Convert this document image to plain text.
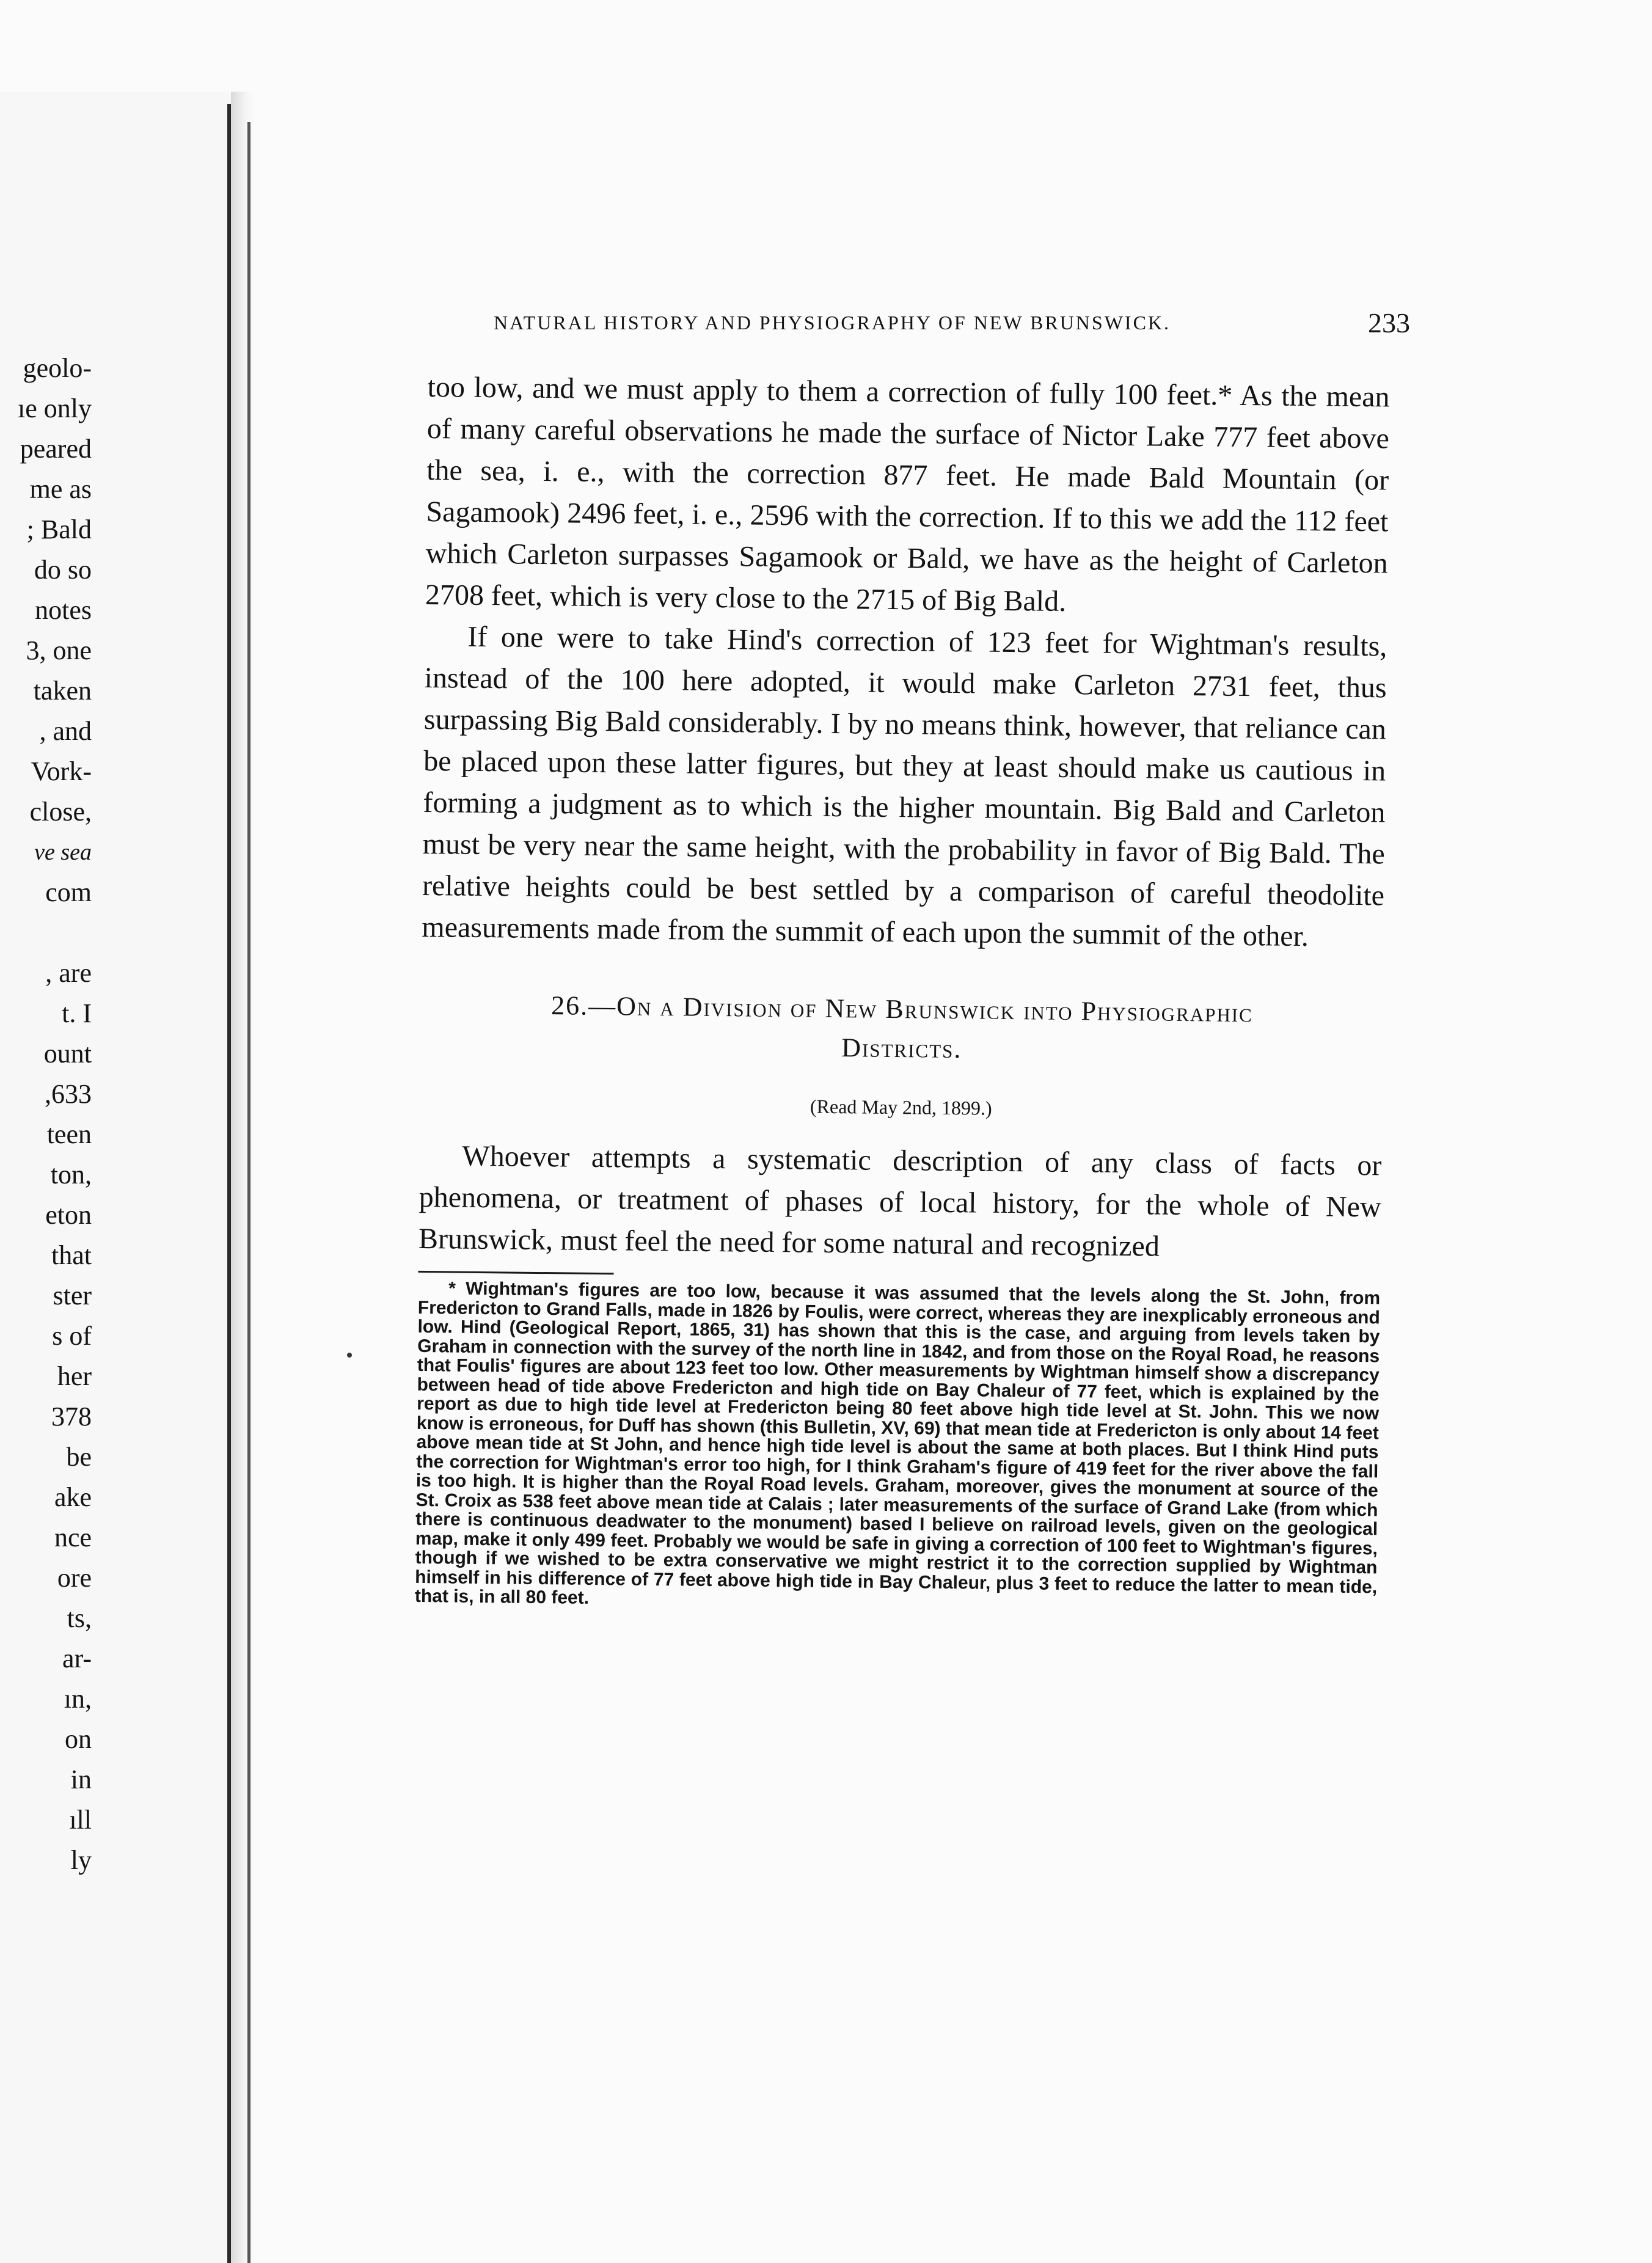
geolo-
ıe only
peared
me as
; Bald
do so
notes
3, one
taken
, and
Vork-
close,
ve sea
com
, are
t. I
ount
,633
teen
ton,
eton
that
ster
s of
her
378
be
ake
nce
ore
ts,
ar-
ın,
on
in
ıll
ly
NATURAL HISTORY AND PHYSIOGRAPHY OF NEW BRUNSWICK.	233

too low, and we must apply to them a correction of fully 100 feet.* As the mean of many careful observations he made the surface of Nictor Lake 777 feet above the sea, i. e., with the correction 877 feet. He made Bald Mountain (or Sagamook) 2496 feet, i. e., 2596 with the correction. If to this we add the 112 feet which Carleton surpasses Sagamook or Bald, we have as the height of Carleton 2708 feet, which is very close to the 2715 of Big Bald.

If one were to take Hind's correction of 123 feet for Wightman's results, instead of the 100 here adopted, it would make Carleton 2731 feet, thus surpassing Big Bald considerably. I by no means think, however, that reliance can be placed upon these latter figures, but they at least should make us cautious in forming a judgment as to which is the higher mountain. Big Bald and Carleton must be very near the same height, with the probability in favor of Big Bald. The relative heights could be best settled by a comparison of careful theodolite measurements made from the summit of each upon the summit of the other.

26.—On a Division of New Brunswick into Physiographic
Districts.
(Read May 2nd, 1899.)

Whoever attempts a systematic description of any class of facts or phenomena, or treatment of phases of local history, for the whole of New Brunswick, must feel the need for some natural and recognized

* Wightman's figures are too low, because it was assumed that the levels along the St. John, from Fredericton to Grand Falls, made in 1826 by Foulis, were correct, whereas they are inexplicably erroneous and low. Hind (Geological Report, 1865, 31) has shown that this is the case, and arguing from levels taken by Graham in connection with the survey of the north line in 1842, and from those on the Royal Road, he reasons that Foulis' figures are about 123 feet too low. Other measurements by Wightman himself show a discrepancy between head of tide above Fredericton and high tide on Bay Chaleur of 77 feet, which is explained by the report as due to high tide level at Fredericton being 80 feet above high tide level at St. John. This we now know is erroneous, for Duff has shown (this Bulletin, XV, 69) that mean tide at Fredericton is only about 14 feet above mean tide at St John, and hence high tide level is about the same at both places. But I think Hind puts the correction for Wightman's error too high, for I think Graham's figure of 419 feet for the river above the fall is too high. It is higher than the Royal Road levels. Graham, moreover, gives the monument at source of the St. Croix as 538 feet above mean tide at Calais ; later measurements of the surface of Grand Lake (from which there is continuous deadwater to the monument) based I believe on railroad levels, given on the geological map, make it only 499 feet. Probably we would be safe in giving a correction of 100 feet to Wightman's figures, though if we wished to be extra conservative we might restrict it to the correction supplied by Wightman himself in his difference of 77 feet above high tide in Bay Chaleur, plus 3 feet to reduce the latter to mean tide, that is, in all 80 feet.
